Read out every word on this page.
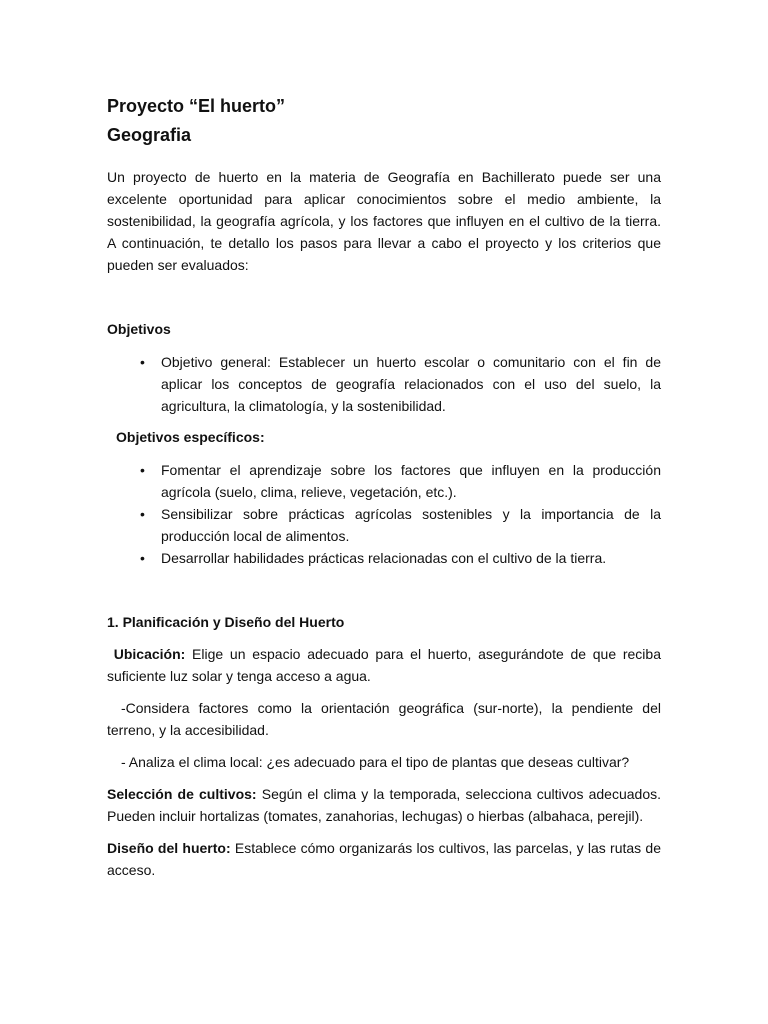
Proyecto “El huerto”
Geografia

Un proyecto de huerto en la materia de Geografía en Bachillerato puede ser una excelente oportunidad para aplicar conocimientos sobre el medio ambiente, la sostenibilidad, la geografía agrícola, y los factores que influyen en el cultivo de la tierra. A continuación, te detallo los pasos para llevar a cabo el proyecto y los criterios que pueden ser evaluados:

Objetivos
• Objetivo general: Establecer un huerto escolar o comunitario con el fin de aplicar los conceptos de geografía relacionados con el uso del suelo, la agricultura, la climatología, y la sostenibilidad.
Objetivos específicos:
• Fomentar el aprendizaje sobre los factores que influyen en la producción agrícola (suelo, clima, relieve, vegetación, etc.).
• Sensibilizar sobre prácticas agrícolas sostenibles y la importancia de la producción local de alimentos.
• Desarrollar habilidades prácticas relacionadas con el cultivo de la tierra.
1. Planificación y Diseño del Huerto

Ubicación: Elige un espacio adecuado para el huerto, asegurándote de que reciba suficiente luz solar y tenga acceso a agua.

-Considera factores como la orientación geográfica (sur-norte), la pendiente del terreno, y la accesibilidad.

- Analiza el clima local: ¿es adecuado para el tipo de plantas que deseas cultivar?

Selección de cultivos: Según el clima y la temporada, selecciona cultivos adecuados. Pueden incluir hortalizas (tomates, zanahorias, lechugas) o hierbas (albahaca, perejil).

Diseño del huerto: Establece cómo organizarás los cultivos, las parcelas, y las rutas de acceso.
